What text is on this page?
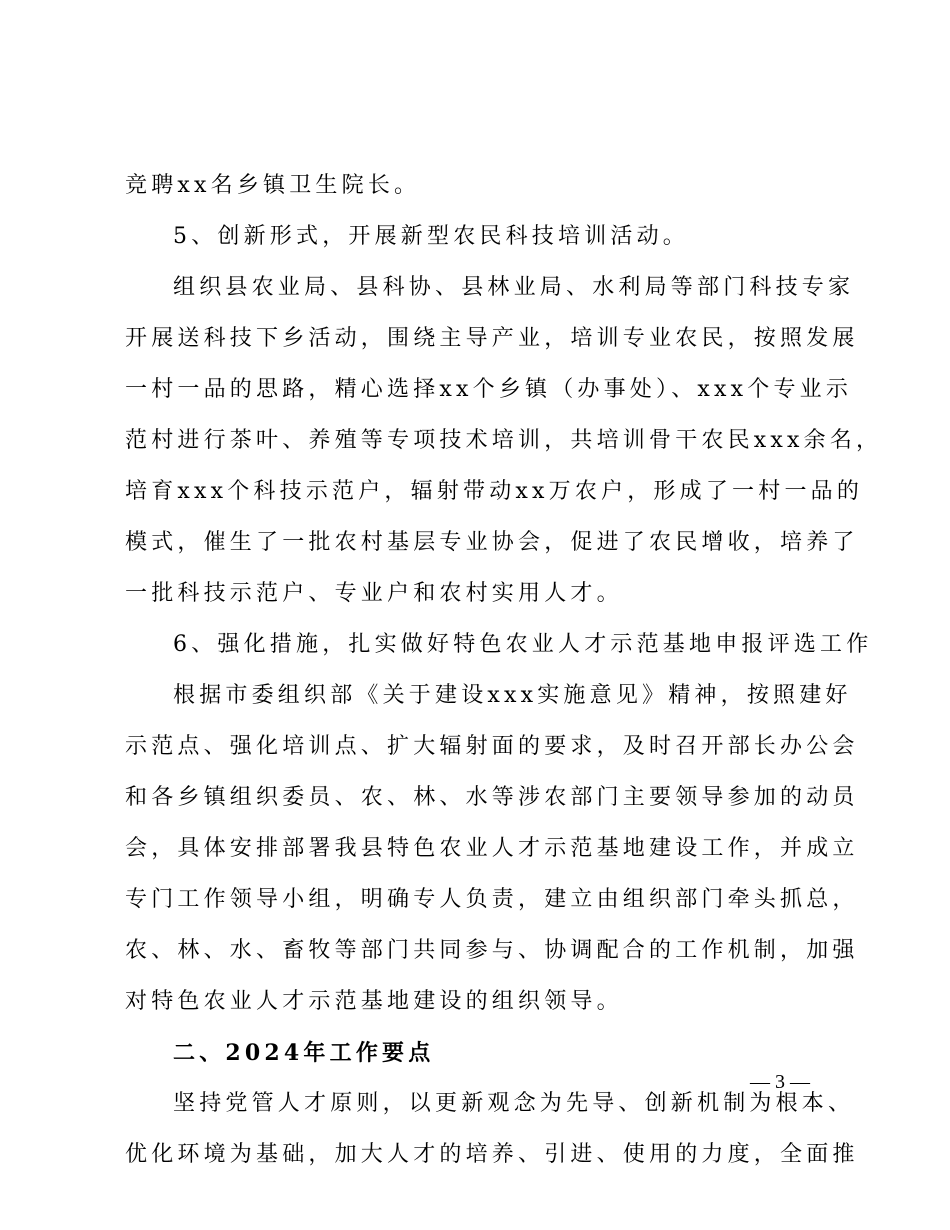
竞聘xx名乡镇卫生院长。
5、创新形式，开展新型农民科技培训活动。
组织县农业局、县科协、县林业局、水利局等部门科技专家
开展送科技下乡活动，围绕主导产业，培训专业农民，按照发展
一村一品的思路，精心选择xx个乡镇（办事处）、xxx个专业示
范村进行茶叶、养殖等专项技术培训，共培训骨干农民xxx余名，
培育xxx个科技示范户，辐射带动xx万农户，形成了一村一品的
模式，催生了一批农村基层专业协会，促进了农民增收，培养了
一批科技示范户、专业户和农村实用人才。
6、强化措施，扎实做好特色农业人才示范基地申报评选工作
根据市委组织部《关于建设xxx实施意见》精神，按照建好
示范点、强化培训点、扩大辐射面的要求，及时召开部长办公会
和各乡镇组织委员、农、林、水等涉农部门主要领导参加的动员
会，具体安排部署我县特色农业人才示范基地建设工作，并成立
专门工作领导小组，明确专人负责，建立由组织部门牵头抓总，
农、林、水、畜牧等部门共同参与、协调配合的工作机制，加强
对特色农业人才示范基地建设的组织领导。
二、2024年工作要点
坚持党管人才原则，以更新观念为先导、创新机制为根本、
优化环境为基础，加大人才的培养、引进、使用的力度，全面推
— 3 —
